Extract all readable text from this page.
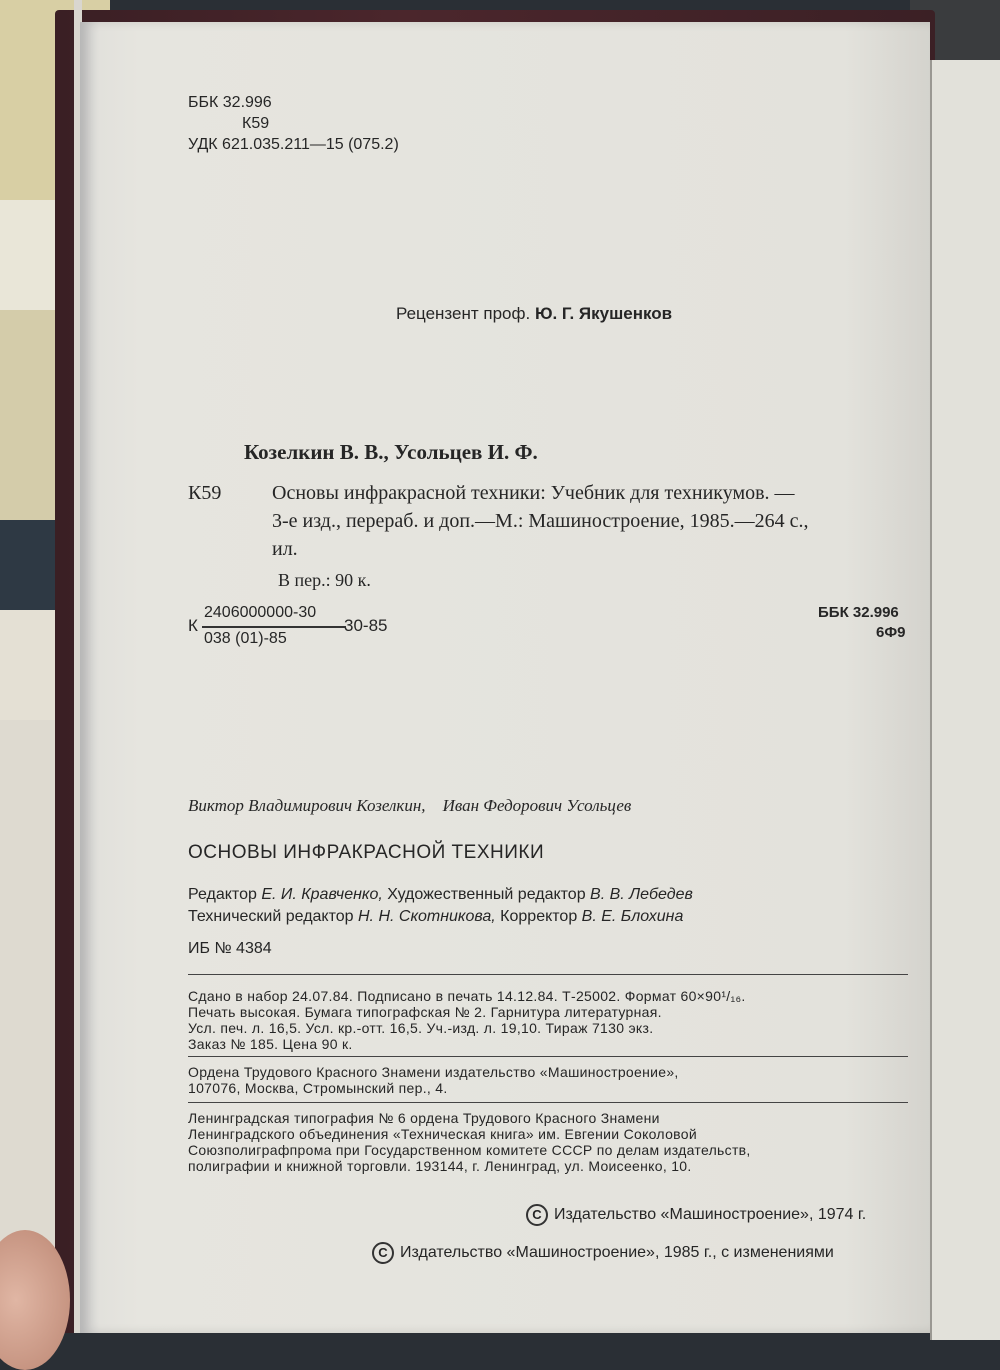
ББК 32.996
К59
УДК 621.035.211—15 (075.2)
Рецензент проф. Ю. Г. Якушенков
Козелкин В. В., Усольцев И. Ф.
К59	Основы инфракрасной техники: Учебник для техникумов. —
3-е изд., перераб. и доп.—М.: Машиностроение, 1985.—264 с.,
ил.
В пер.: 90 к.
К
2406000000-30
038 (01)-85
30-85
ББК 32.996
6Ф9
Виктор Владимирович Козелкин, Иван Федорович Усольцев
ОСНОВЫ ИНФРАКРАСНОЙ ТЕХНИКИ
Редактор Е. И. Кравченко, Художественный редактор В. В. Лебедев
Технический редактор Н. Н. Скотникова, Корректор В. Е. Блохина
ИБ № 4384
Сдано в набор 24.07.84. Подписано в печать 14.12.84. Т-25002. Формат 60×90¹/₁₆.
Печать высокая. Бумага типографская № 2. Гарнитура литературная.
Усл. печ. л. 16,5. Усл. кр.-отт. 16,5. Уч.-изд. л. 19,10. Тираж 7130 экз.
Заказ № 185. Цена 90 к.
Ордена Трудового Красного Знамени издательство «Машиностроение»,
107076, Москва, Стромынский пер., 4.
Ленинградская типография № 6 ордена Трудового Красного Знамени
Ленинградского объединения «Техническая книга» им. Евгении Соколовой
Союзполиграфпрома при Государственном комитете СССР по делам издательств,
полиграфии и книжной торговли. 193144, г. Ленинград, ул. Моисеенко, 10.
C Издательство «Машиностроение», 1974 г.
C Издательство «Машиностроение», 1985 г., с изменениями
